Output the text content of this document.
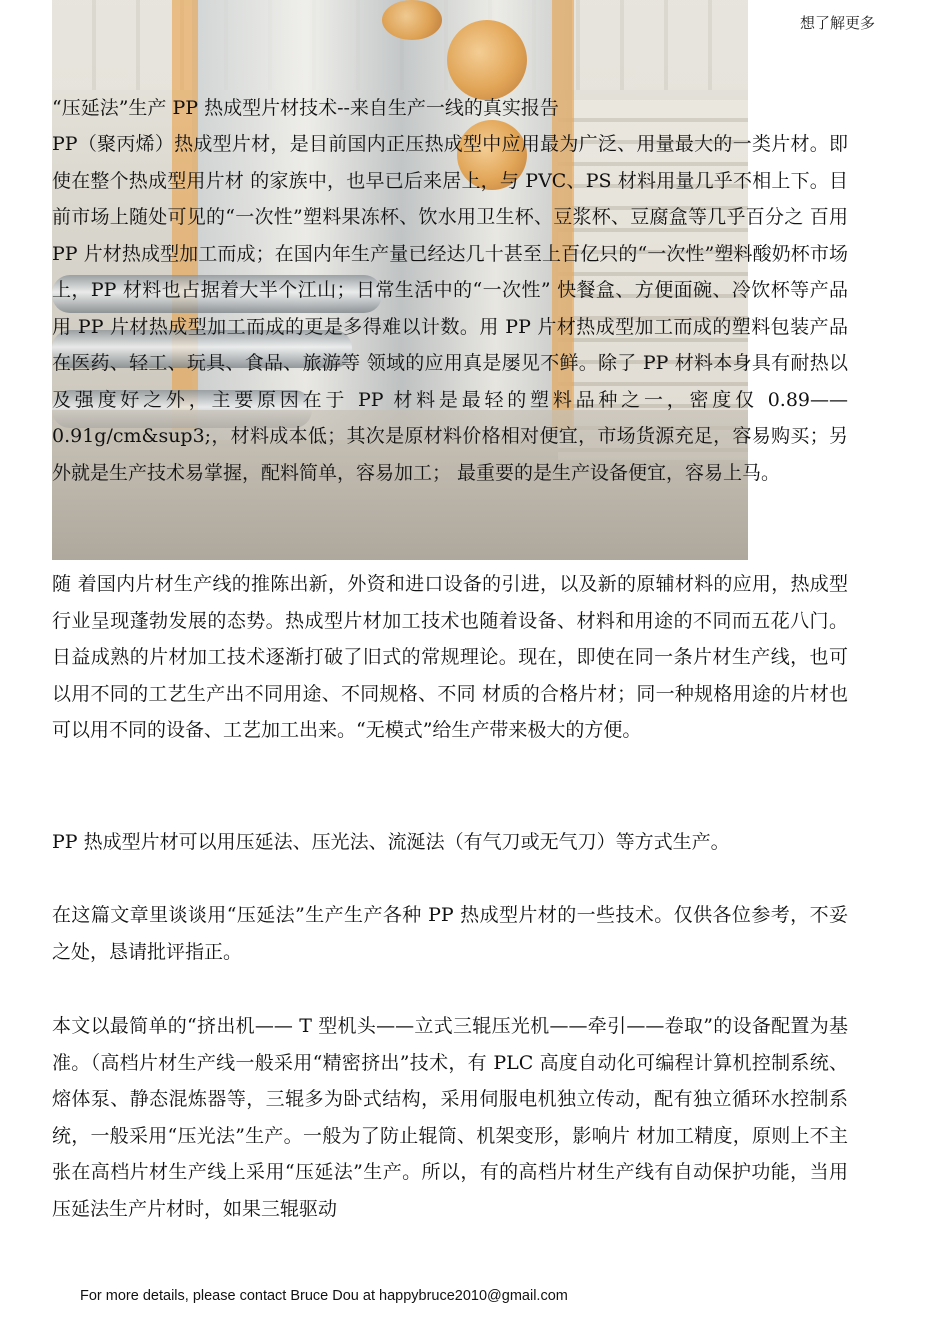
想了解更多

“压延法”生产 PP 热成型片材技术--来自生产一线的真实报告

PP（聚丙烯）热成型片材，是目前国内正压热成型中应用最为广泛、用量最大的一类片材。即使在整个热成型用片材 的家族中，也早已后来居上，与 PVC、PS 材料用量几乎不相上下。目前市场上随处可见的“一次性”塑料果冻杯、饮水用卫生杯、豆浆杯、豆腐盒等几乎百分之 百用 PP 片材热成型加工而成；在国内年生产量已经达几十甚至上百亿只的“一次性”塑料酸奶杯市场上，PP 材料也占据着大半个江山；日常生活中的“一次性” 快餐盒、方便面碗、冷饮杯等产品用 PP 片材热成型加工而成的更是多得难以计数。用 PP 片材热成型加工而成的塑料包装产品在医药、轻工、玩具、食品、旅游等 领域的应用真是屡见不鲜。除了 PP 材料本身具有耐热以及强度好之外，主要原因在于 PP 材料是最轻的塑料品种之一，密度仅 0.89—— 0.91g/cm&sup3;，材料成本低；其次是原材料价格相对便宜，市场货源充足，容易购买；另外就是生产技术易掌握，配料简单，容易加工； 最重要的是生产设备便宜，容易上马。

随 着国内片材生产线的推陈出新，外资和进口设备的引进，以及新的原辅材料的应用，热成型行业呈现蓬勃发展的态势。热成型片材加工技术也随着设备、材料和用途的不同而五花八门。日益成熟的片材加工技术逐渐打破了旧式的常规理论。现在，即使在同一条片材生产线，也可以用不同的工艺生产出不同用途、不同规格、不同 材质的合格片材；同一种规格用途的片材也可以用不同的设备、工艺加工出来。“无模式”给生产带来极大的方便。

PP 热成型片材可以用压延法、压光法、流涎法（有气刀或无气刀）等方式生产。

在这篇文章里谈谈用“压延法”生产生产各种 PP 热成型片材的一些技术。仅供各位参考，不妥之处，恳请批评指正。

本文以最简单的“挤出机—— T 型机头——立式三辊压光机——牵引——卷取”的设备配置为基准。（高档片材生产线一般采用“精密挤出”技术，有 PLC 高度自动化可编程计算机控制系统、 熔体泵、静态混炼器等，三辊多为卧式结构，采用伺服电机独立传动，配有独立循环水控制系统，一般采用“压光法”生产。一般为了防止辊筒、机架变形，影响片 材加工精度，原则上不主张在高档片材生产线上采用“压延法”生产。所以，有的高档片材生产线有自动保护功能，当用压延法生产片材时，如果三辊驱动

For more details, please contact Bruce Dou at happybruce2010@gmail.com
